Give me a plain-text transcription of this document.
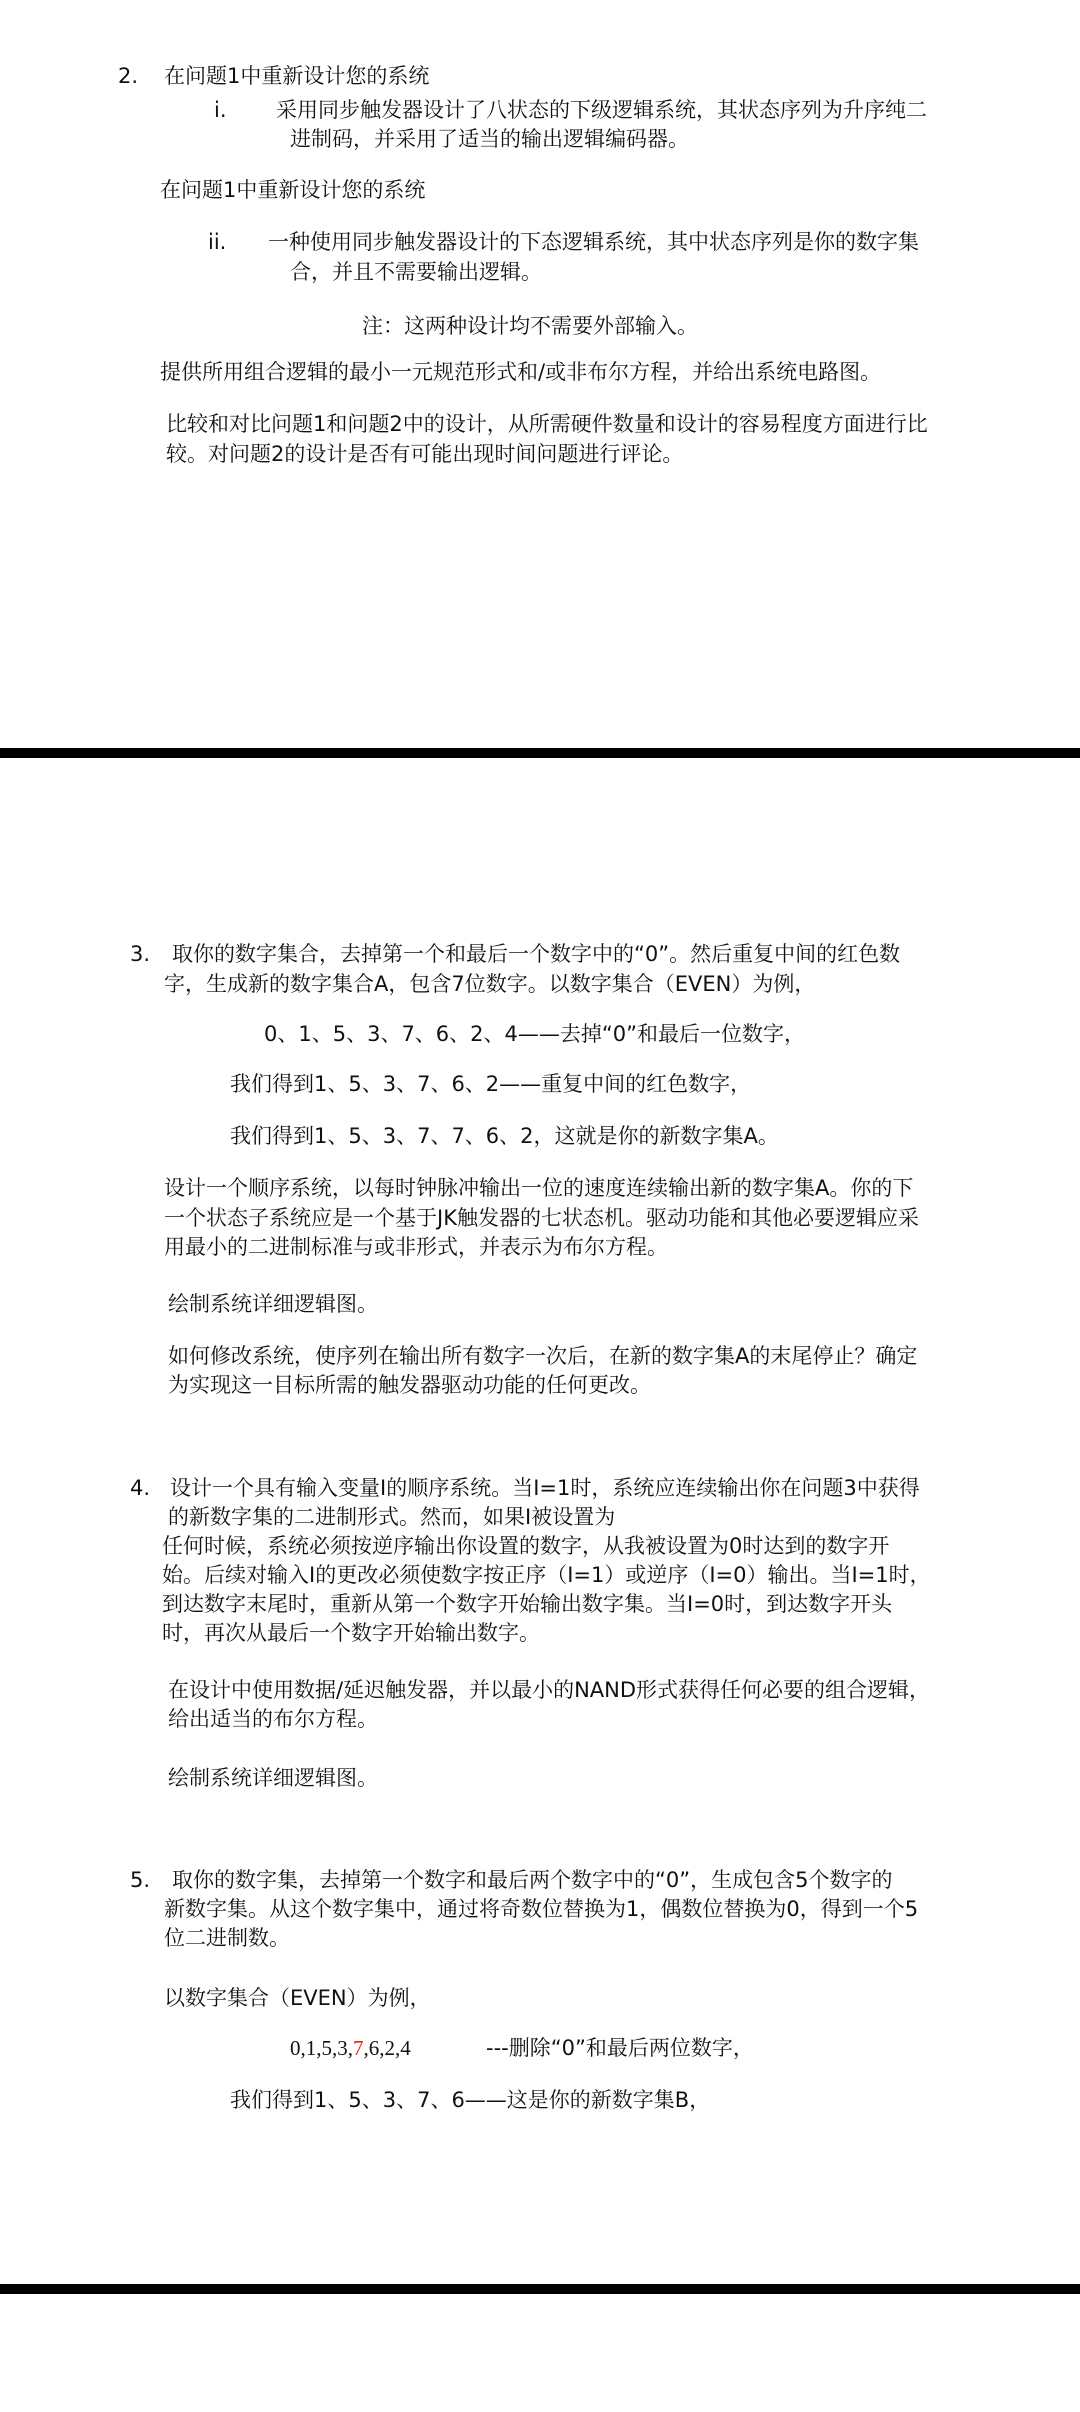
2. 在问题1中重新设计您的系统

i. 采用同步触发器设计了八状态的下级逻辑系统，其状态序列为升序纯二

进制码，并采用了适当的输出逻辑编码器。

在问题1中重新设计您的系统

ii. 一种使用同步触发器设计的下态逻辑系统，其中状态序列是你的数字集

合，并且不需要输出逻辑。

注：这两种设计均不需要外部输入。

提供所用组合逻辑的最小一元规范形式和/或非布尔方程，并给出系统电路图。

比较和对比问题1和问题2中的设计，从所需硬件数量和设计的容易程度方面进行比

较。对问题2的设计是否有可能出现时间问题进行评论。

3. 取你的数字集合，去掉第一个和最后一个数字中的“0”。然后重复中间的红色数

字，生成新的数字集合A，包含7位数字。以数字集合（EVEN）为例，

0、1、5、3、7、6、2、4——去掉“0”和最后一位数字，

我们得到1、5、3、7、6、2——重复中间的红色数字，

我们得到1、5、3、7、7、6、2，这就是你的新数字集A。

设计一个顺序系统，以每时钟脉冲输出一位的速度连续输出新的数字集A。你的下

一个状态子系统应是一个基于JK触发器的七状态机。驱动功能和其他必要逻辑应采

用最小的二进制标准与或非形式，并表示为布尔方程。

绘制系统详细逻辑图。

如何修改系统，使序列在输出所有数字一次后，在新的数字集A的末尾停止？确定

为实现这一目标所需的触发器驱动功能的任何更改。

4. 设计一个具有输入变量I的顺序系统。当I=1时，系统应连续输出你在问题3中获得

的新数字集的二进制形式。然而，如果I被设置为

任何时候，系统必须按逆序输出你设置的数字，从我被设置为0时达到的数字开

始。后续对输入I的更改必须使数字按正序（I=1）或逆序（I=0）输出。当I=1时，

到达数字末尾时，重新从第一个数字开始输出数字集。当I=0时，到达数字开头

时，再次从最后一个数字开始输出数字。

在设计中使用数据/延迟触发器，并以最小的NAND形式获得任何必要的组合逻辑，

给出适当的布尔方程。

绘制系统详细逻辑图。

5. 取你的数字集，去掉第一个数字和最后两个数字中的“0”，生成包含5个数字的

新数字集。从这个数字集中，通过将奇数位替换为1，偶数位替换为0，得到一个5

位二进制数。

以数字集合（EVEN）为例，

0,1,5,3,7,6,2,4	---删除“0”和最后两位数字，

我们得到1、5、3、7、6——这是你的新数字集B，
